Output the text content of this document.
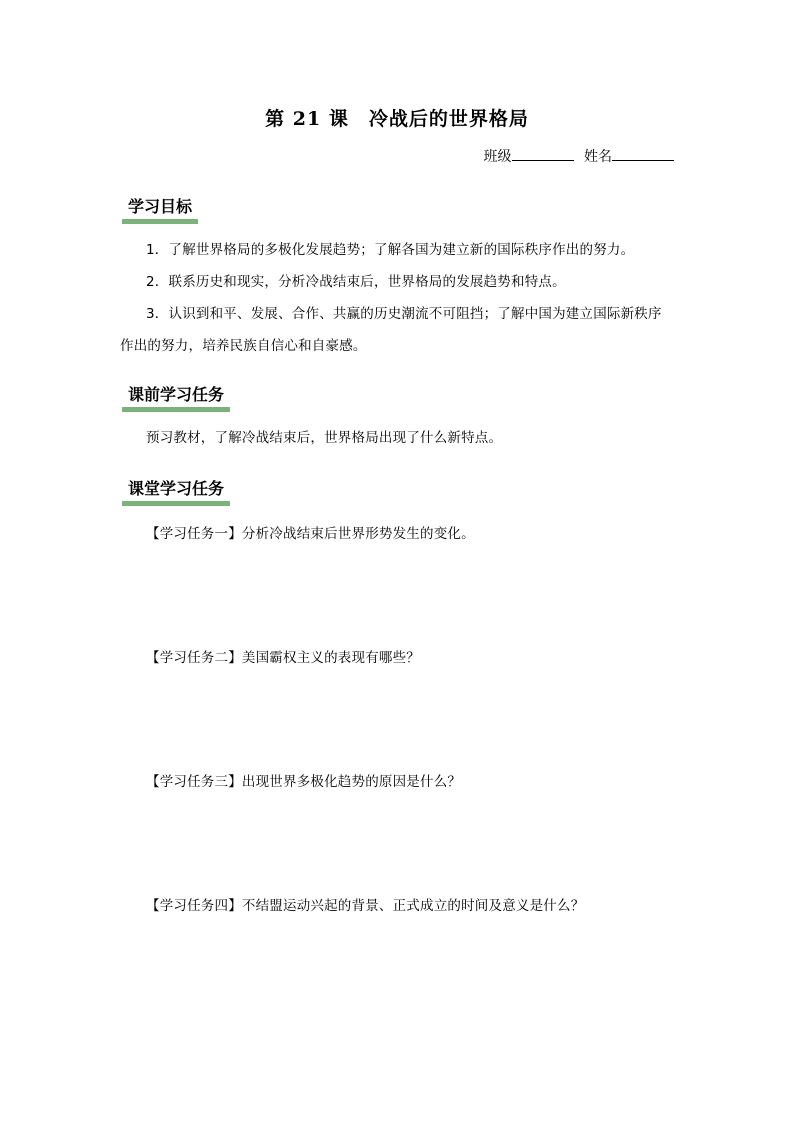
第 21 课　冷战后的世界格局
班级	姓名
学习目标
1．了解世界格局的多极化发展趋势；了解各国为建立新的国际秩序作出的努力。
2．联系历史和现实，分析冷战结束后，世界格局的发展趋势和特点。
3．认识到和平、发展、合作、共赢的历史潮流不可阻挡；了解中国为建立国际新秩序
作出的努力，培养民族自信心和自豪感。
课前学习任务
预习教材，了解冷战结束后，世界格局出现了什么新特点。
课堂学习任务
【学习任务一】分析冷战结束后世界形势发生的变化。
【学习任务二】美国霸权主义的表现有哪些？
【学习任务三】出现世界多极化趋势的原因是什么？
【学习任务四】不结盟运动兴起的背景、正式成立的时间及意义是什么？
